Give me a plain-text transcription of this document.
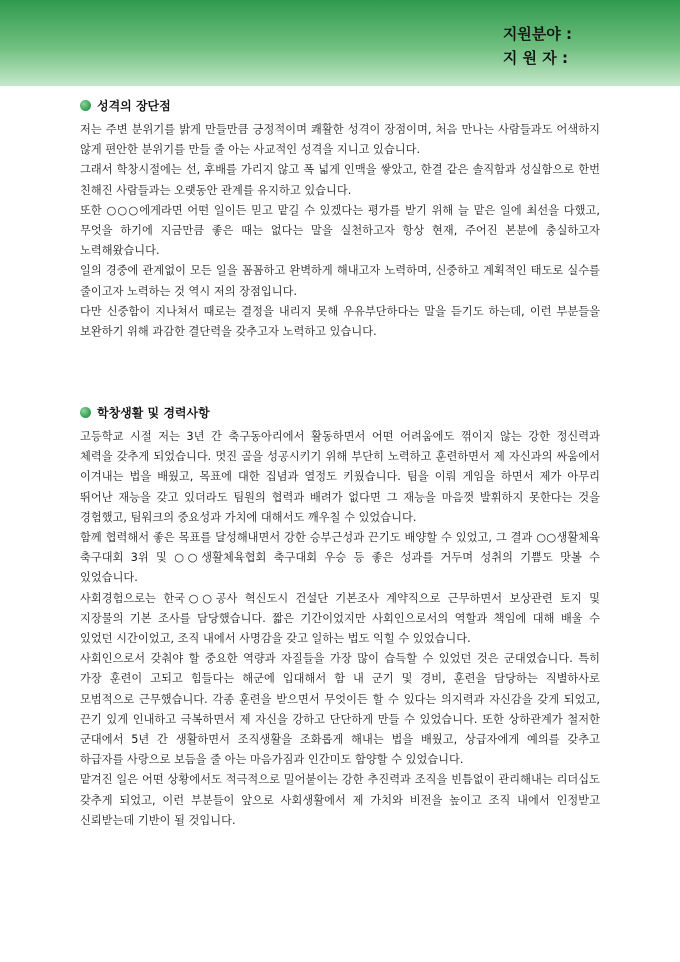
지원분야 :
지 원 자 :
성격의 장단점

저는 주변 분위기를 밝게 만들만큼 긍정적이며 쾌활한 성격이 장점이며, 처음 만나는 사람들과도 어색하지 않게 편안한 분위기를 만들 줄 아는 사교적인 성격을 지니고 있습니다.

그래서 학창시절에는 선, 후배를 가리지 않고 폭 넓게 인맥을 쌓았고, 한결 같은 솔직함과 성실함으로 한번 친해진 사람들과는 오랫동안 관계를 유지하고 있습니다.

또한 ○○○에게라면 어떤 일이든 믿고 맡길 수 있겠다는 평가를 받기 위해 늘 맡은 일에 최선을 다했고, 무엇을 하기에 지금만큼 좋은 때는 없다는 말을 실천하고자 항상 현재, 주어진 본분에 충실하고자 노력해왔습니다.

일의 경중에 관계없이 모든 일을 꼼꼼하고 완벽하게 해내고자 노력하며, 신중하고 계획적인 태도로 실수를 줄이고자 노력하는 것 역시 저의 장점입니다.

다만 신중함이 지나쳐서 때로는 결정을 내리지 못해 우유부단하다는 말을 듣기도 하는데, 이런 부분들을 보완하기 위해 과감한 결단력을 갖추고자 노력하고 있습니다.

학창생활 및 경력사항

고등학교 시절 저는 3년 간 축구동아리에서 활동하면서 어떤 어려움에도 꺾이지 않는 강한 정신력과 체력을 갖추게 되었습니다. 멋진 골을 성공시키기 위해 부단히 노력하고 훈련하면서 제 자신과의 싸움에서 이겨내는 법을 배웠고, 목표에 대한 집념과 열정도 키웠습니다. 팀을 이뤄 게임을 하면서 제가 아무리 뛰어난 재능을 갖고 있더라도 팀원의 협력과 배려가 없다면 그 재능을 마음껏 발휘하지 못한다는 것을 경험했고, 팀워크의 중요성과 가치에 대해서도 깨우칠 수 있었습니다.

함께 협력해서 좋은 목표를 달성해내면서 강한 승부근성과 끈기도 배양할 수 있었고, 그 결과 ○○생활체육 축구대회 3위 및 ○○생활체육협회 축구대회 우승 등 좋은 성과를 거두며 성취의 기쁨도 맛볼 수 있었습니다.

사회경험으로는 한국○○공사 혁신도시 건설단 기본조사 계약직으로 근무하면서 보상관련 토지 및 지장물의 기본 조사를 담당했습니다. 짧은 기간이었지만 사회인으로서의 역할과 책임에 대해 배울 수 있었던 시간이었고, 조직 내에서 사명감을 갖고 일하는 법도 익힐 수 있었습니다.

사회인으로서 갖춰야 할 중요한 역량과 자질들을 가장 많이 습득할 수 있었던 것은 군대였습니다. 특히 가장 훈련이 고되고 힘들다는 해군에 입대해서 함 내 군기 및 경비, 훈련을 담당하는 직별하사로 모범적으로 근무했습니다. 각종 훈련을 받으면서 무엇이든 할 수 있다는 의지력과 자신감을 갖게 되었고, 끈기 있게 인내하고 극복하면서 제 자신을 강하고 단단하게 만들 수 있었습니다. 또한 상하관계가 철저한 군대에서 5년 간 생활하면서 조직생활을 조화롭게 해내는 법을 배웠고, 상급자에게 예의를 갖추고 하급자를 사랑으로 보듬을 줄 아는 마음가짐과 인간미도 함양할 수 있었습니다.

맡겨진 일은 어떤 상황에서도 적극적으로 밀어붙이는 강한 추진력과 조직을 빈틈없이 관리해내는 리더십도 갖추게 되었고, 이런 부분들이 앞으로 사회생활에서 제 가치와 비전을 높이고 조직 내에서 인정받고 신뢰받는데 기반이 될 것입니다.
